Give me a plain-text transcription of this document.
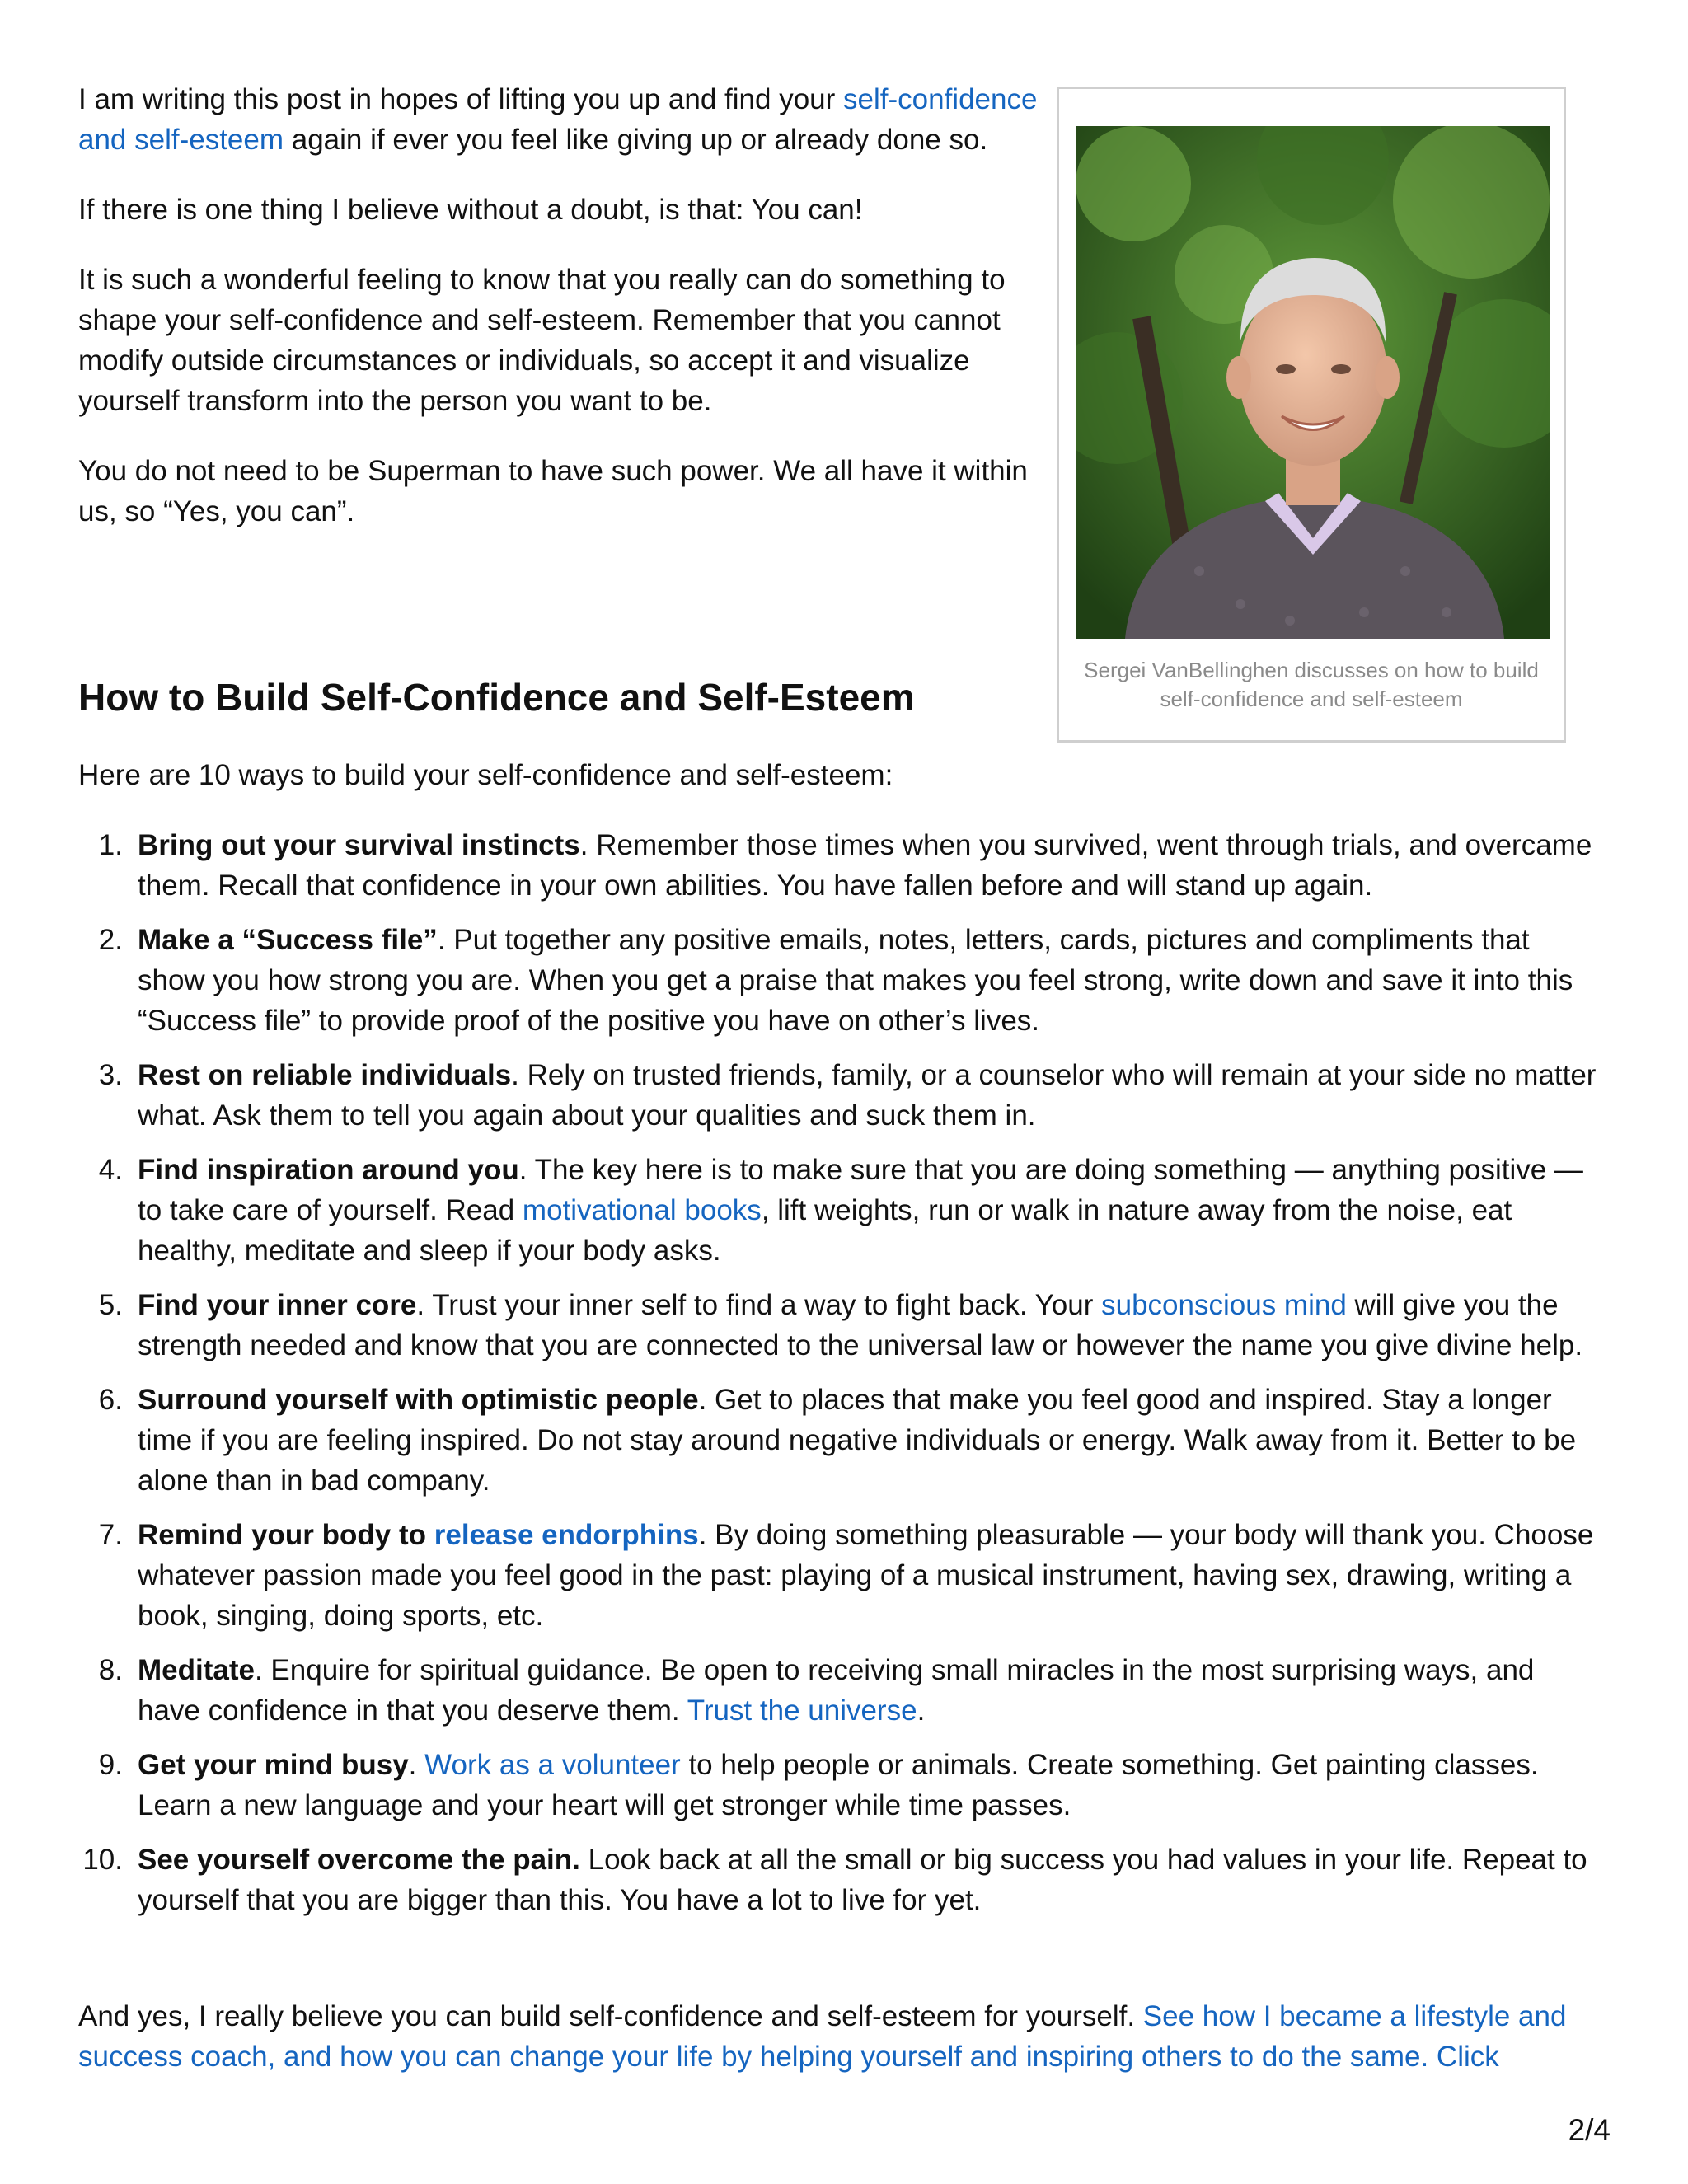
I am writing this post in hopes of lifting you up and find your self-confidence and self-esteem again if ever you feel like giving up or already done so.

If there is one thing I believe without a doubt, is that: You can!

It is such a wonderful feeling to know that you really can do something to shape your self-confidence and self-esteem. Remember that you cannot modify outside circumstances or individuals, so accept it and visualize yourself transform into the person you want to be.

You do not need to be Superman to have such power. We all have it within us, so “Yes, you can”.

Sergei VanBellinghen discusses on how to build self-confidence and self-esteem
How to Build Self-Confidence and Self-Esteem

Here are 10 ways to build your self-confidence and self-esteem:

1 . Bring out your survival instincts. Remember those times when you survived, went through trials, and overcame them. Recall that confidence in your own abilities. You have fallen before and will stand up again.
2 . Make a “Success file”. Put together any positive emails, notes, letters, cards, pictures and compliments that show you how strong you are. When you get a praise that makes you feel strong, write down and save it into this “Success file” to provide proof of the positive you have on other’s lives.
3 . Rest on reliable individuals. Rely on trusted friends, family, or a counselor who will remain at your side no matter what. Ask them to tell you again about your qualities and suck them in.
4 . Find inspiration around you. The key here is to make sure that you are doing something — anything positive — to take care of yourself. Read motivational books, lift weights, run or walk in nature away from the noise, eat healthy, meditate and sleep if your body asks.
5 . Find your inner core. Trust your inner self to find a way to fight back. Your subconscious mind will give you the strength needed and know that you are connected to the universal law or however the name you give divine help.
6 . Surround yourself with optimistic people. Get to places that make you feel good and inspired. Stay a longer time if you are feeling inspired. Do not stay around negative individuals or energy. Walk away from it. Better to be alone than in bad company.
7 . Remind your body to release endorphins. By doing something pleasurable — your body will thank you. Choose whatever passion made you feel good in the past: playing of a musical instrument, having sex, drawing, writing a book, singing, doing sports, etc.
8 . Meditate. Enquire for spiritual guidance. Be open to receiving small miracles in the most surprising ways, and have confidence in that you deserve them. Trust the universe.
9 . Get your mind busy. Work as a volunteer to help people or animals. Create something. Get painting classes. Learn a new language and your heart will get stronger while time passes.
10 . See yourself overcome the pain. Look back at all the small or big success you had values in your life. Repeat to yourself that you are bigger than this. You have a lot to live for yet.

And yes, I really believe you can build self-confidence and self-esteem for yourself. See how I became a lifestyle and success coach, and how you can change your life by helping yourself and inspiring others to do the same. Click

2/4
